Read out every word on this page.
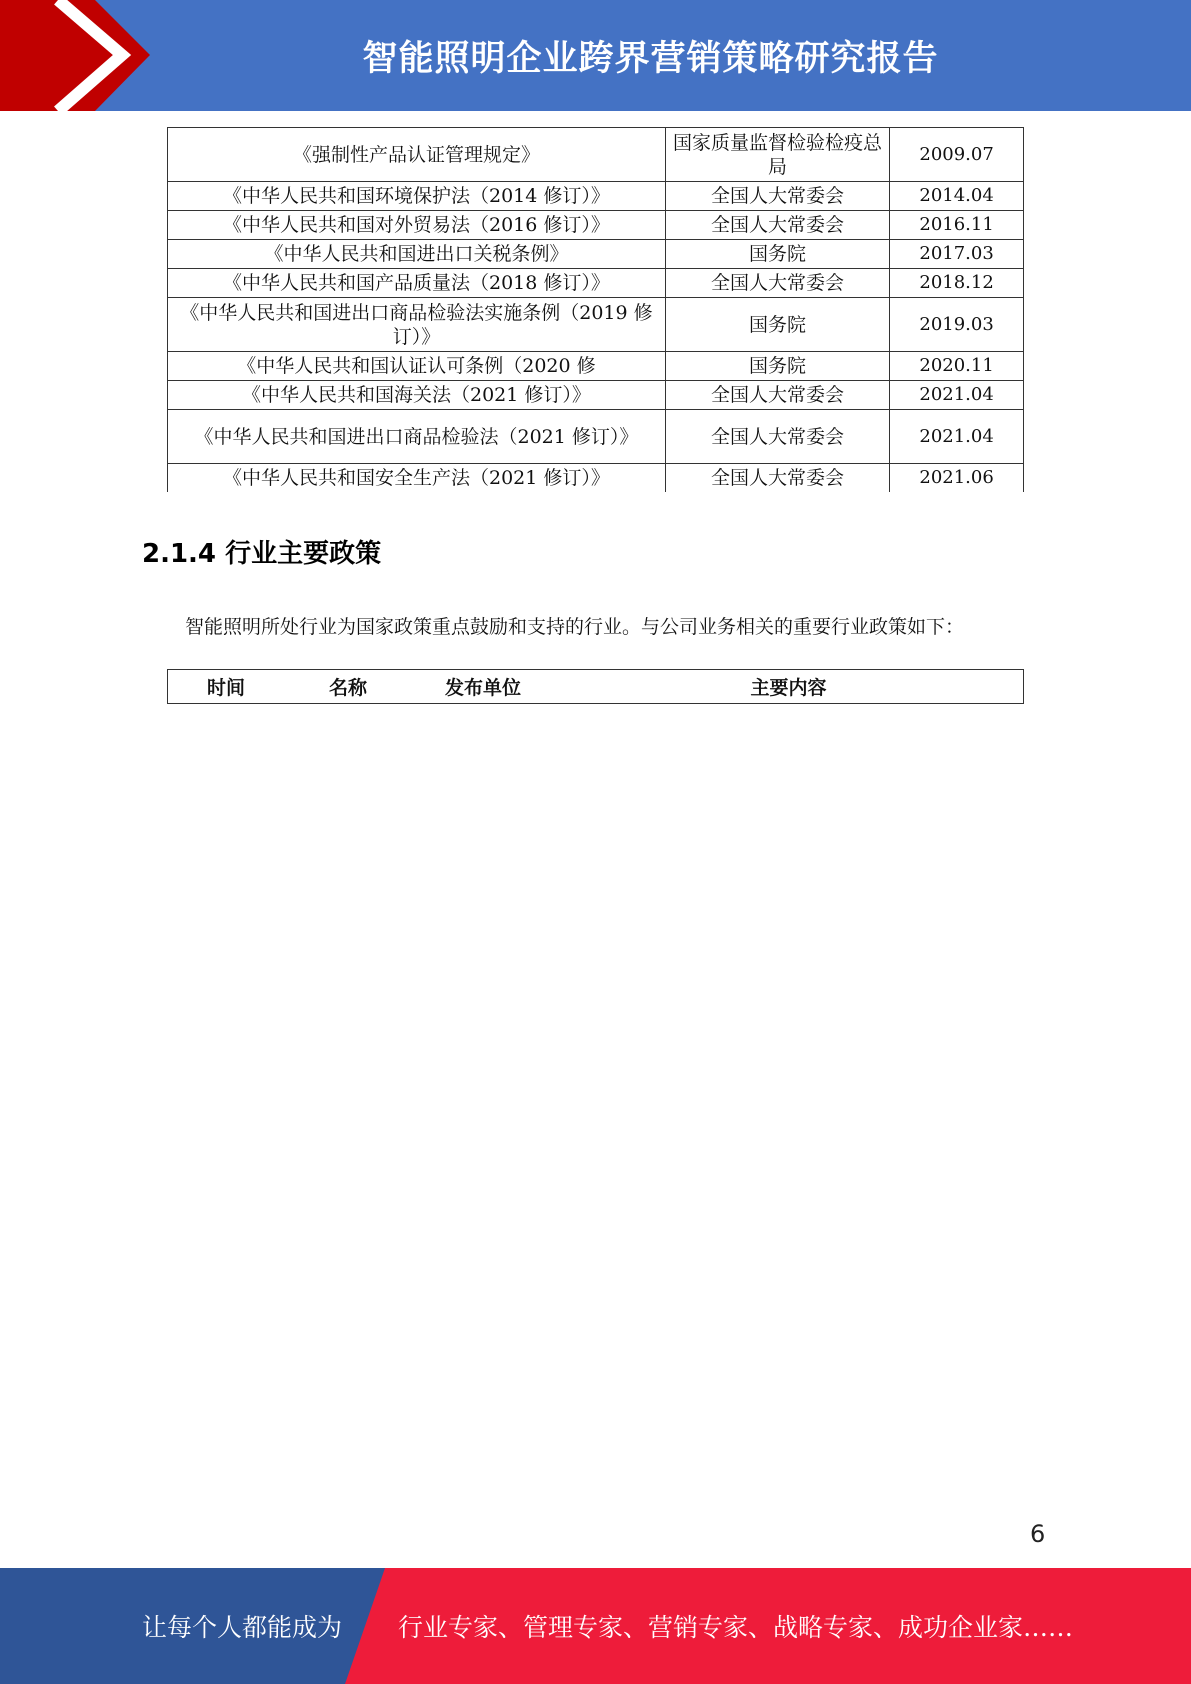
智能照明企业跨界营销策略研究报告
《强制性产品认证管理规定》	国家质量监督检验检疫总局	2009.07
《中华人民共和国环境保护法（2014 修订）》	全国人大常委会	2014.04
《中华人民共和国对外贸易法（2016 修订）》	全国人大常委会	2016.11
《中华人民共和国进出口关税条例》	国务院	2017.03
《中华人民共和国产品质量法（2018 修订）》	全国人大常委会	2018.12
《中华人民共和国进出口商品检验法实施条例（2019 修订）》	国务院	2019.03
《中华人民共和国认证认可条例（2020 修	国务院	2020.11
《中华人民共和国海关法（2021 修订）》	全国人大常委会	2021.04
《中华人民共和国进出口商品检验法（2021 修订）》	全国人大常委会	2021.04
《中华人民共和国安全生产法（2021 修订）》	全国人大常委会	2021.06
2.1.4 行业主要政策
智能照明所处行业为国家政策重点鼓励和支持的行业。与公司业务相关的重要行业政策如下：
时间	名称	发布单位	主要内容
6
让每个人都能成为 行业专家、管理专家、营销专家、战略专家、成功企业家……
